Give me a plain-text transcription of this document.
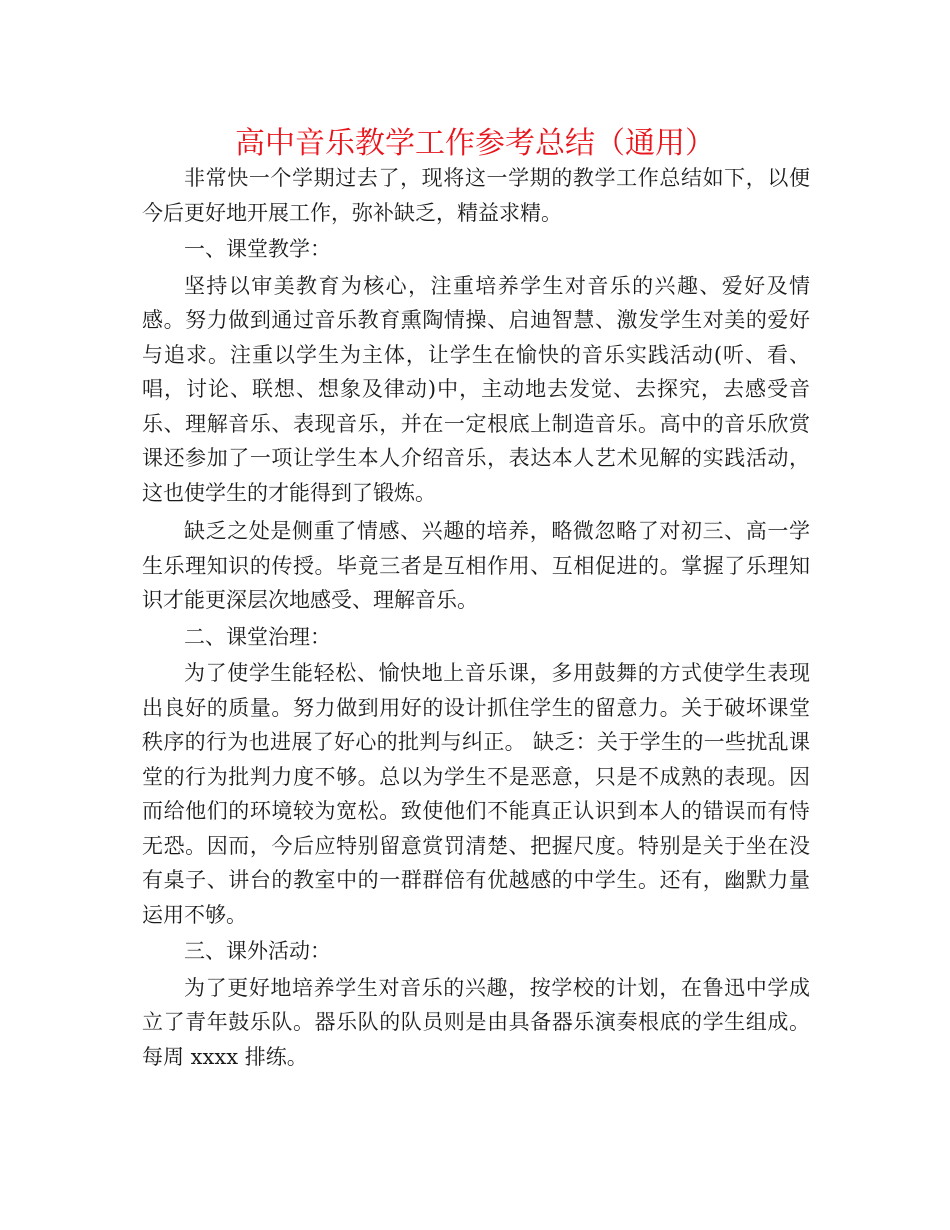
高中音乐教学工作参考总结（通用）

非常快一个学期过去了，现将这一学期的教学工作总结如下，以便今后更好地开展工作，弥补缺乏，精益求精。

一、课堂教学：

坚持以审美教育为核心，注重培养学生对音乐的兴趣、爱好及情感。努力做到通过音乐教育熏陶情操、启迪智慧、激发学生对美的爱好与追求。注重以学生为主体，让学生在愉快的音乐实践活动(听、看、唱，讨论、联想、想象及律动)中，主动地去发觉、去探究，去感受音乐、理解音乐、表现音乐，并在一定根底上制造音乐。高中的音乐欣赏课还参加了一项让学生本人介绍音乐，表达本人艺术见解的实践活动，这也使学生的才能得到了锻炼。

缺乏之处是侧重了情感、兴趣的培养，略微忽略了对初三、高一学生乐理知识的传授。毕竟三者是互相作用、互相促进的。掌握了乐理知识才能更深层次地感受、理解音乐。

二、课堂治理：

为了使学生能轻松、愉快地上音乐课，多用鼓舞的方式使学生表现出良好的质量。努力做到用好的设计抓住学生的留意力。关于破坏课堂秩序的行为也进展了好心的批判与纠正。 缺乏：关于学生的一些扰乱课堂的行为批判力度不够。总以为学生不是恶意，只是不成熟的表现。因而给他们的环境较为宽松。致使他们不能真正认识到本人的错误而有恃无恐。因而，今后应特别留意赏罚清楚、把握尺度。特别是关于坐在没有桌子、讲台的教室中的一群群倍有优越感的中学生。还有，幽默力量运用不够。

三、课外活动：

为了更好地培养学生对音乐的兴趣，按学校的计划，在鲁迅中学成立了青年鼓乐队。器乐队的队员则是由具备器乐演奏根底的学生组成。每周 xxxx 排练。
